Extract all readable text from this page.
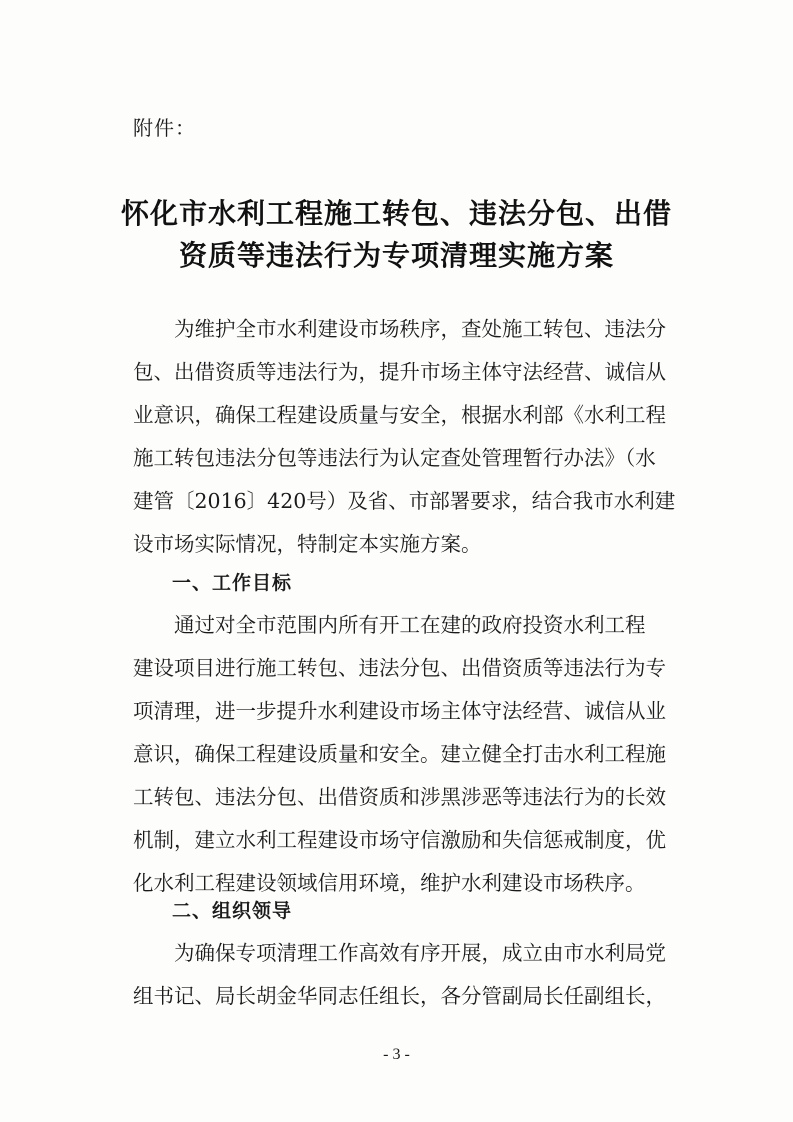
附件：
怀化市水利工程施工转包、违法分包、出借
资质等违法行为专项清理实施方案
为维护全市水利建设市场秩序，查处施工转包、违法分
包、出借资质等违法行为，提升市场主体守法经营、诚信从
业意识，确保工程建设质量与安全，根据水利部《水利工程
施工转包违法分包等违法行为认定查处管理暂行办法》（水
建管〔2016〕420号）及省、市部署要求，结合我市水利建
设市场实际情况，特制定本实施方案。
一、工作目标
通过对全市范围内所有开工在建的政府投资水利工程
建设项目进行施工转包、违法分包、出借资质等违法行为专
项清理，进一步提升水利建设市场主体守法经营、诚信从业
意识，确保工程建设质量和安全。建立健全打击水利工程施
工转包、违法分包、出借资质和涉黑涉恶等违法行为的长效
机制，建立水利工程建设市场守信激励和失信惩戒制度，优
化水利工程建设领域信用环境，维护水利建设市场秩序。
二、组织领导
为确保专项清理工作高效有序开展，成立由市水利局党
组书记、局长胡金华同志任组长，各分管副局长任副组长，
- 3 -
